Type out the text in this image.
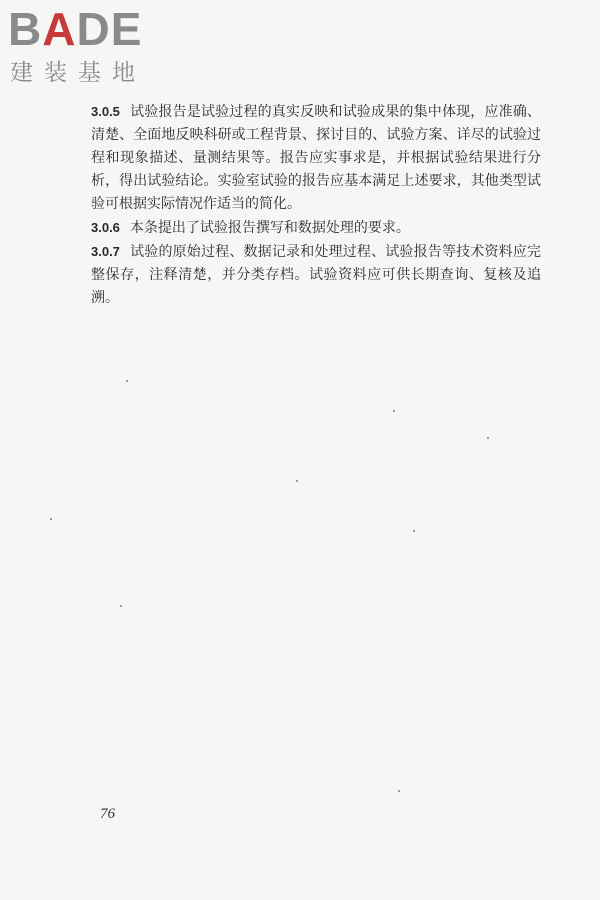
BADE
建装基地

3.0.5 试验报告是试验过程的真实反映和试验成果的集中体现，应准确、清楚、全面地反映科研或工程背景、探讨目的、试验方案、详尽的试验过程和现象描述、量测结果等。报告应实事求是，并根据试验结果进行分析，得出试验结论。实验室试验的报告应基本满足上述要求，其他类型试验可根据实际情况作适当的简化。

3.0.6 本条提出了试验报告撰写和数据处理的要求。

3.0.7 试验的原始过程、数据记录和处理过程、试验报告等技术资料应完整保存，注释清楚，并分类存档。试验资料应可供长期查询、复核及追溯。

76
